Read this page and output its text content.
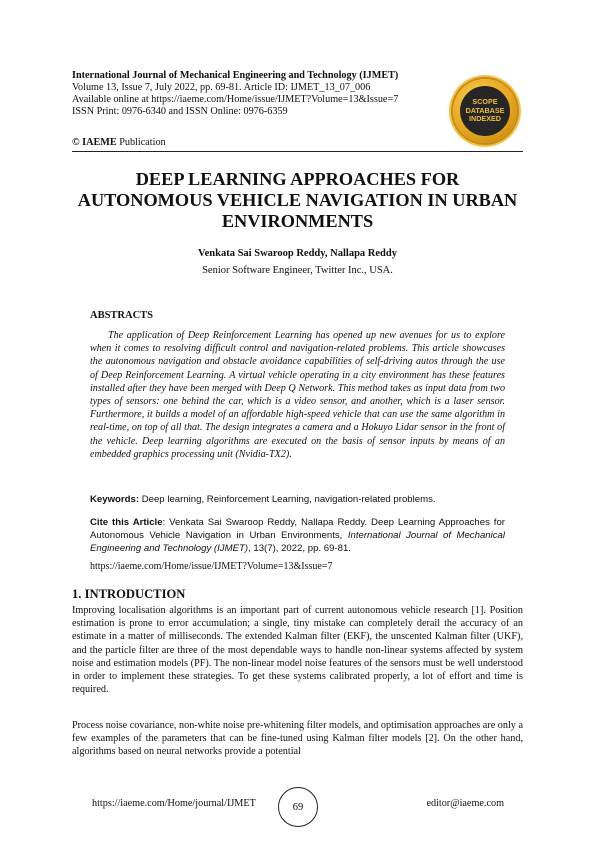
International Journal of Mechanical Engineering and Technology (IJMET)
Volume 13, Issue 7, July 2022, pp. 69-81. Article ID: IJMET_13_07_006
Available online at https://iaeme.com/Home/issue/IJMET?Volume=13&Issue=7
ISSN Print: 0976-6340 and ISSN Online: 0976-6359
SCOPE
DATABASE
INDEXED
© IAEME Publication
DEEP LEARNING APPROACHES FOR AUTONOMOUS VEHICLE NAVIGATION IN URBAN ENVIRONMENTS
Venkata Sai Swaroop Reddy, Nallapa Reddy
Senior Software Engineer, Twitter Inc., USA.
ABSTRACTS

The application of Deep Reinforcement Learning has opened up new avenues for us to explore when it comes to resolving difficult control and navigation-related problems. This article showcases the autonomous navigation and obstacle avoidance capabilities of self-driving autos through the use of Deep Reinforcement Learning. A virtual vehicle operating in a city environment has these features installed after they have been merged with Deep Q Network. This method takes as input data from two types of sensors: one behind the car, which is a video sensor, and another, which is a laser sensor. Furthermore, it builds a model of an affordable high-speed vehicle that can use the same algorithm in real-time, on top of all that. The design integrates a camera and a Hokuyo Lidar sensor in the front of the vehicle. Deep learning algorithms are executed on the basis of sensor inputs by means of an embedded graphics processing unit (Nvidia-TX2).

Keywords: Deep learning, Reinforcement Learning, navigation-related problems.

Cite this Article: Venkata Sai Swaroop Reddy, Nallapa Reddy. Deep Learning Approaches for Autonomous Vehicle Navigation in Urban Environments, International Journal of Mechanical Engineering and Technology (IJMET), 13(7), 2022, pp. 69-81.

https://iaeme.com/Home/issue/IJMET?Volume=13&Issue=7
1. INTRODUCTION

Improving localisation algorithms is an important part of current autonomous vehicle research [1]. Position estimation is prone to error accumulation; a single, tiny mistake can completely derail the accuracy of an estimate in a matter of milliseconds. The extended Kalman filter (EKF), the unscented Kalman filter (UKF), and the particle filter are three of the most dependable ways to handle non-linear systems affected by system noise and estimation models (PF). The non-linear model noise features of the sensors must be well understood in order to implement these strategies. To get these systems calibrated properly, a lot of effort and time is required.

Process noise covariance, non-white noise pre-whitening filter models, and optimisation approaches are only a few examples of the parameters that can be fine-tuned using Kalman filter models [2]. On the other hand, algorithms based on neural networks provide a potential

https://iaeme.com/Home/journal/IJMET	69	editor@iaeme.com
